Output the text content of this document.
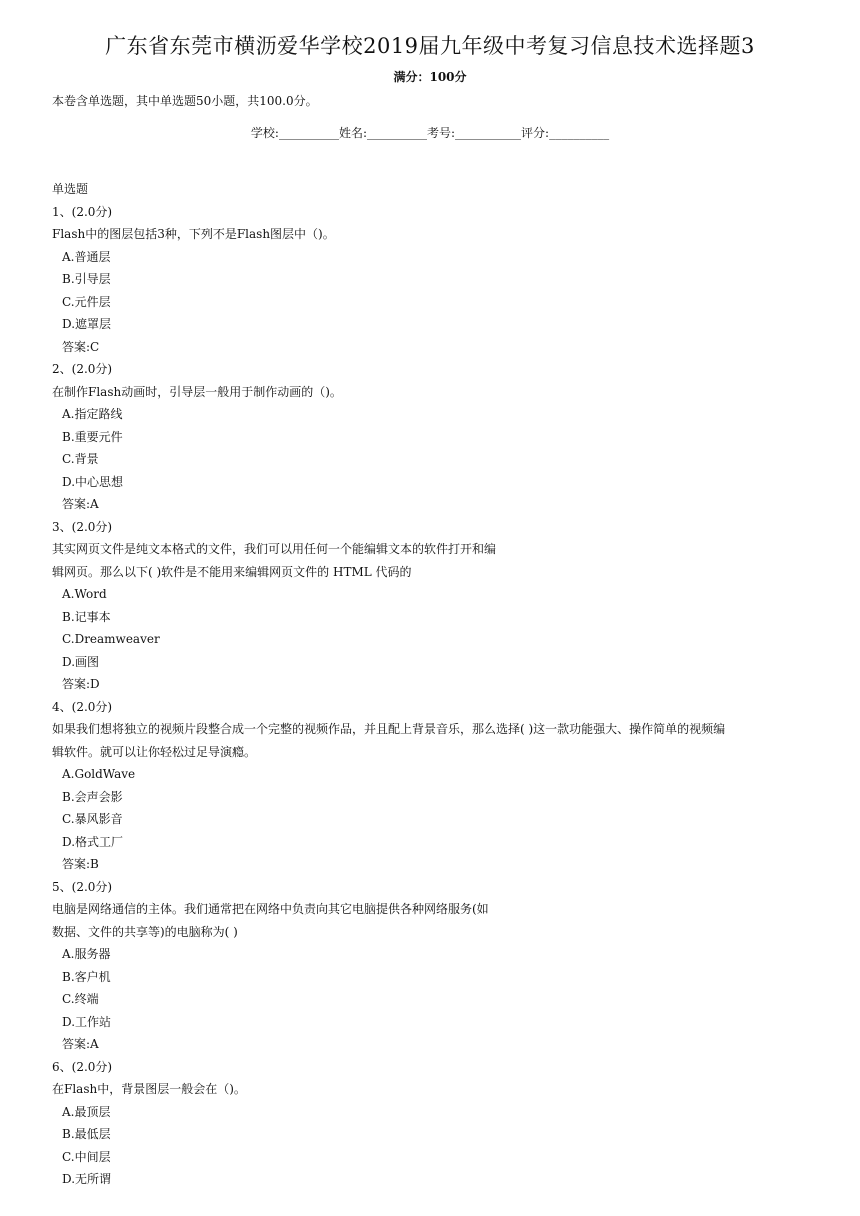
广东省东莞市横沥爱华学校2019届九年级中考复习信息技术选择题3
满分：100分
本卷含单选题，其中单选题50小题，共100.0分。
学校:__________姓名:__________考号:___________评分:__________
单选题
1、(2.0分)
Flash中的图层包括3种，下列不是Flash图层中（)。
A.普通层
B.引导层
C.元件层
D.遮罩层
答案:C
2、(2.0分)
在制作Flash动画时，引导层一般用于制作动画的（)。
A.指定路线
B.重要元件
C.背景
D.中心思想
答案:A
3、(2.0分)
其实网页文件是纯文本格式的文件，我们可以用任何一个能编辑文本的软件打开和编
辑网页。那么以下( )软件是不能用来编辑网页文件的 HTML 代码的
A.Word
B.记事本
C.Dreamweaver
D.画图
答案:D
4、(2.0分)
如果我们想将独立的视频片段整合成一个完整的视频作品，并且配上背景音乐，那么选择( )这一款功能强大、操作简单的视频编
辑软件。就可以让你轻松过足导演瘾。
A.GoldWave
B.会声会影
C.暴风影音
D.格式工厂
答案:B
5、(2.0分)
电脑是网络通信的主体。我们通常把在网络中负责向其它电脑提供各种网络服务(如
数据、文件的共享等)的电脑称为( )
A.服务器
B.客户机
C.终端
D.工作站
答案:A
6、(2.0分)
在Flash中，背景图层一般会在（)。
A.最顶层
B.最低层
C.中间层
D.无所谓
